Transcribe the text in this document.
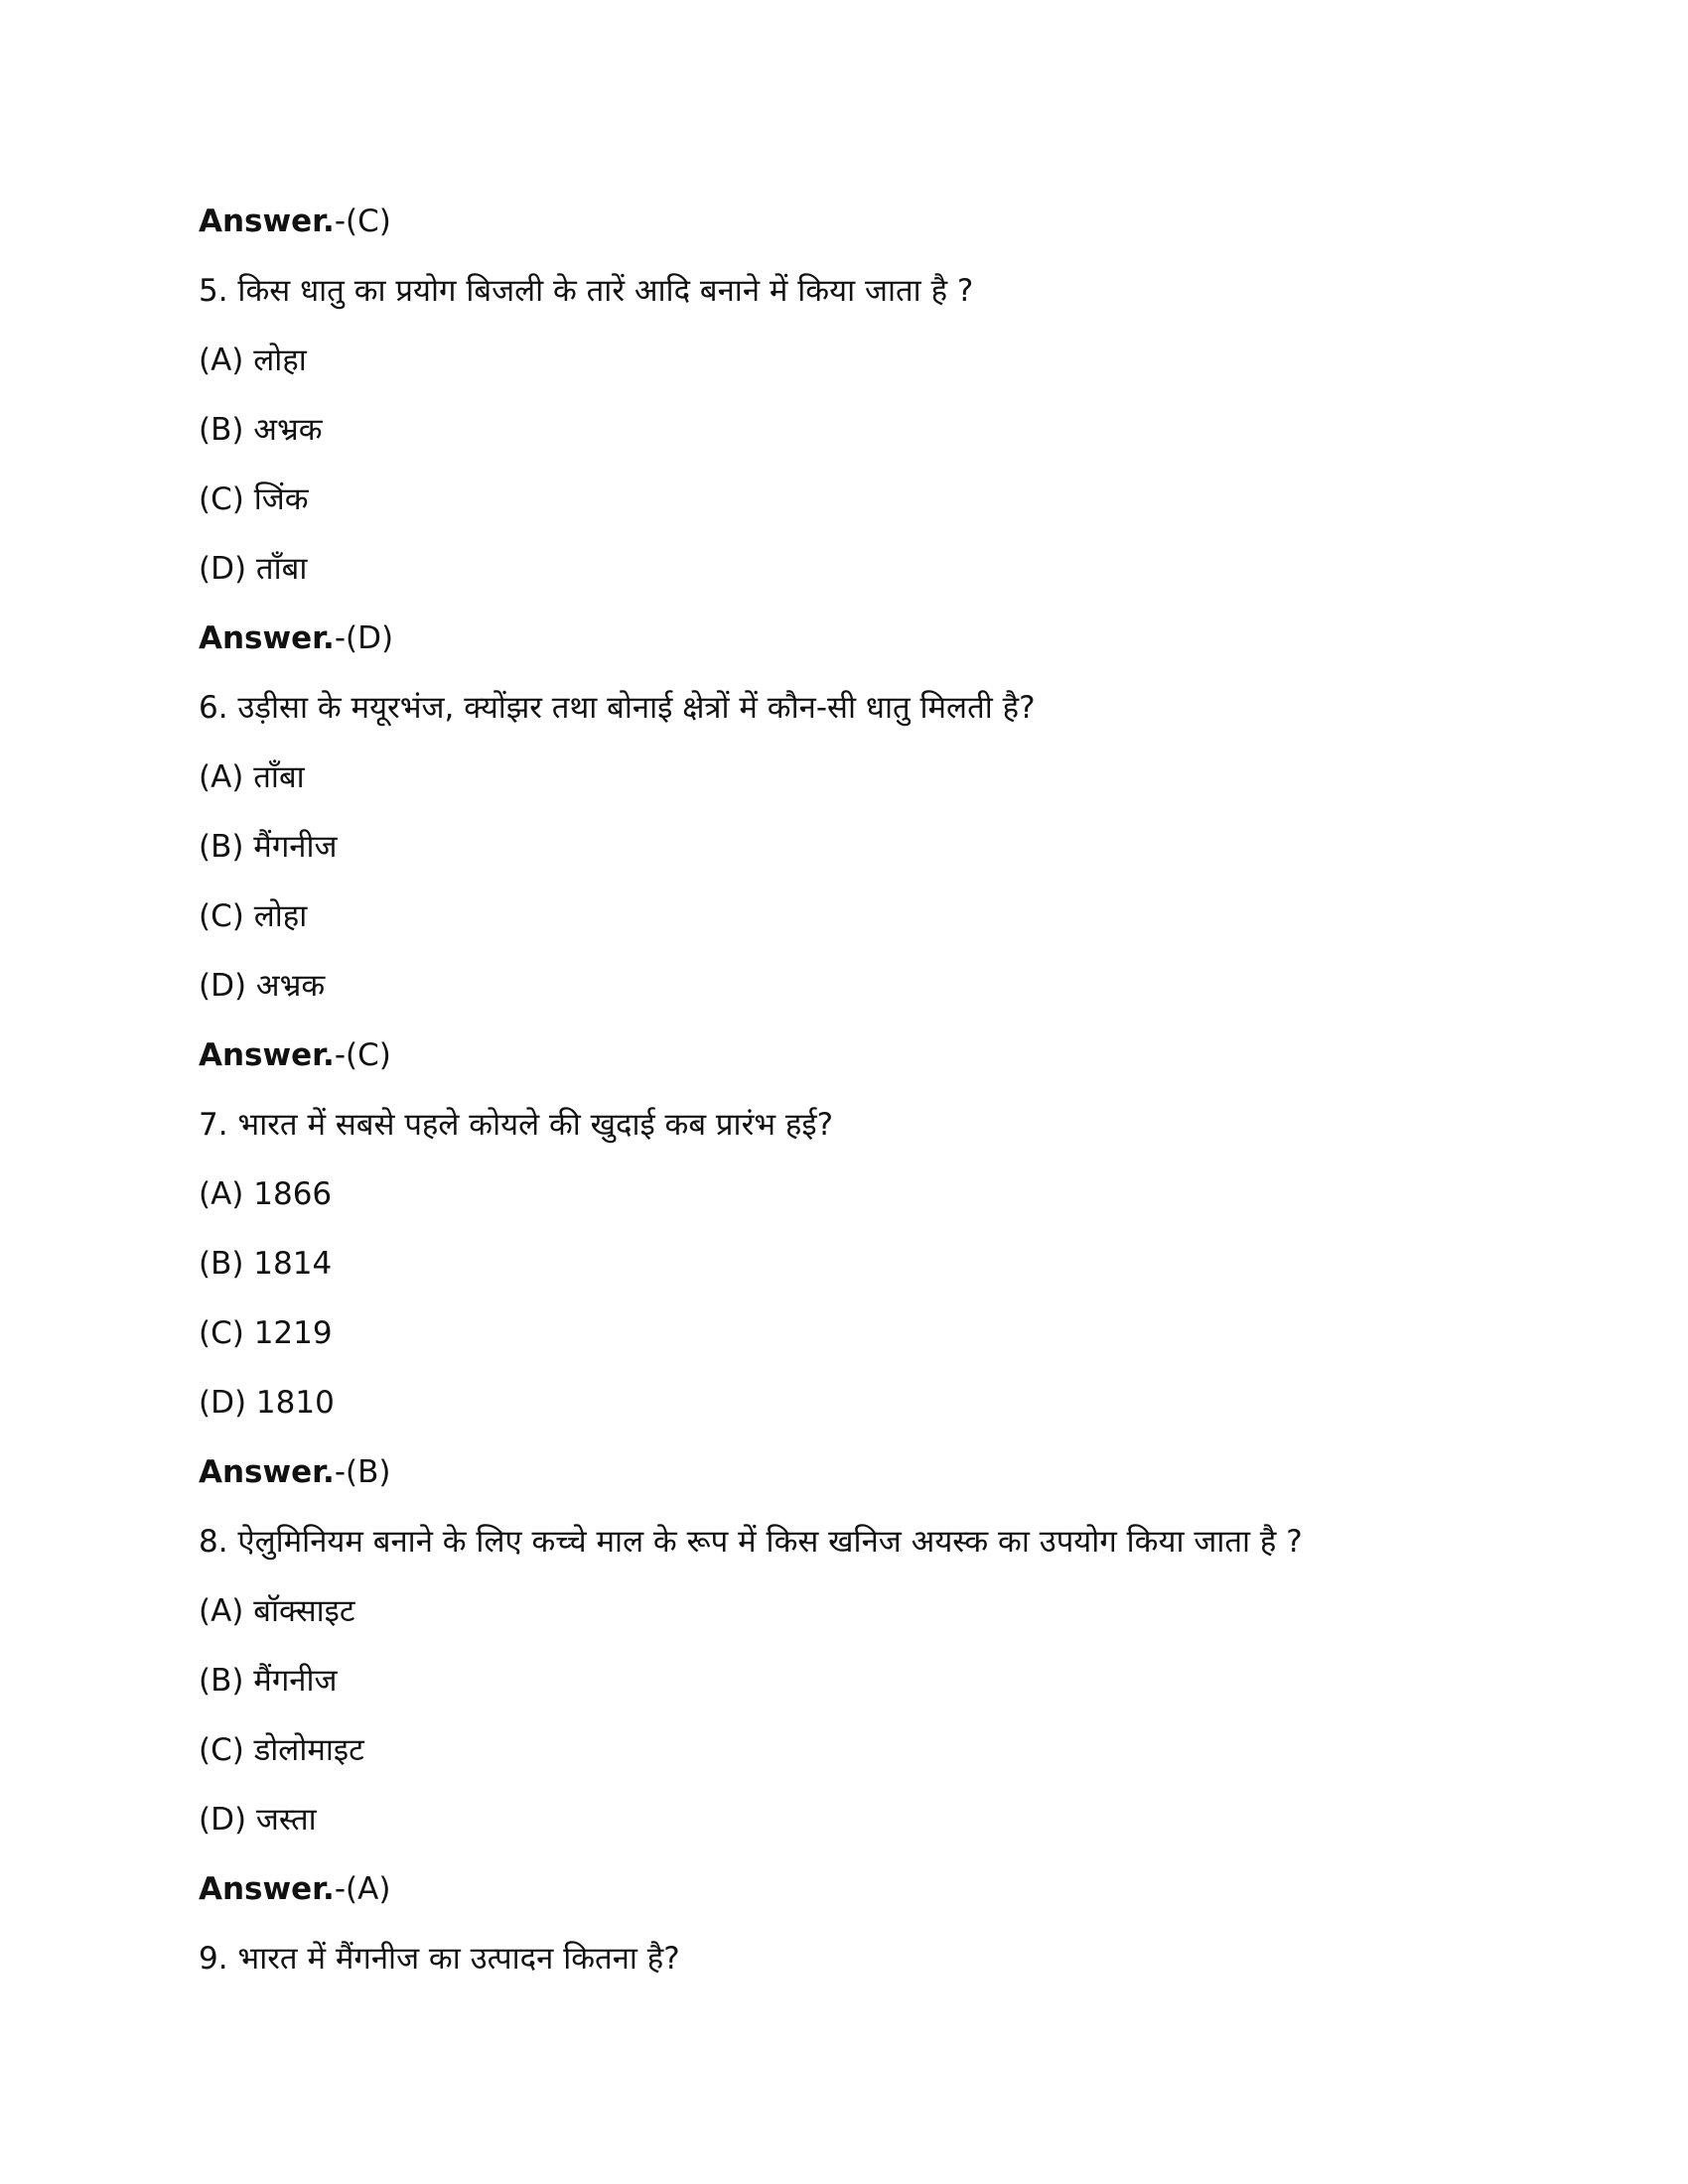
Answer.-(C)
5. किस धातु का प्रयोग बिजली के तारें आदि बनाने में किया जाता है ?
(A) लोहा
(B) अभ्रक
(C) जिंक
(D) ताँबा
Answer.-(D)
6. उड़ीसा के मयूरभंज, क्योंझर तथा बोनाई क्षेत्रों में कौन-सी धातु मिलती है?
(A) ताँबा
(B) मैंगनीज
(C) लोहा
(D) अभ्रक
Answer.-(C)
7. भारत में सबसे पहले कोयले की खुदाई कब प्रारंभ हई?
(A) 1866
(B) 1814
(C) 1219
(D) 1810
Answer.-(B)
8. ऐलुमिनियम बनाने के लिए कच्चे माल के रूप में किस खनिज अयस्क का उपयोग किया जाता है ?
(A) बॉक्साइट
(B) मैंगनीज
(C) डोलोमाइट
(D) जस्ता
Answer.-(A)
9. भारत में मैंगनीज का उत्पादन कितना है?
